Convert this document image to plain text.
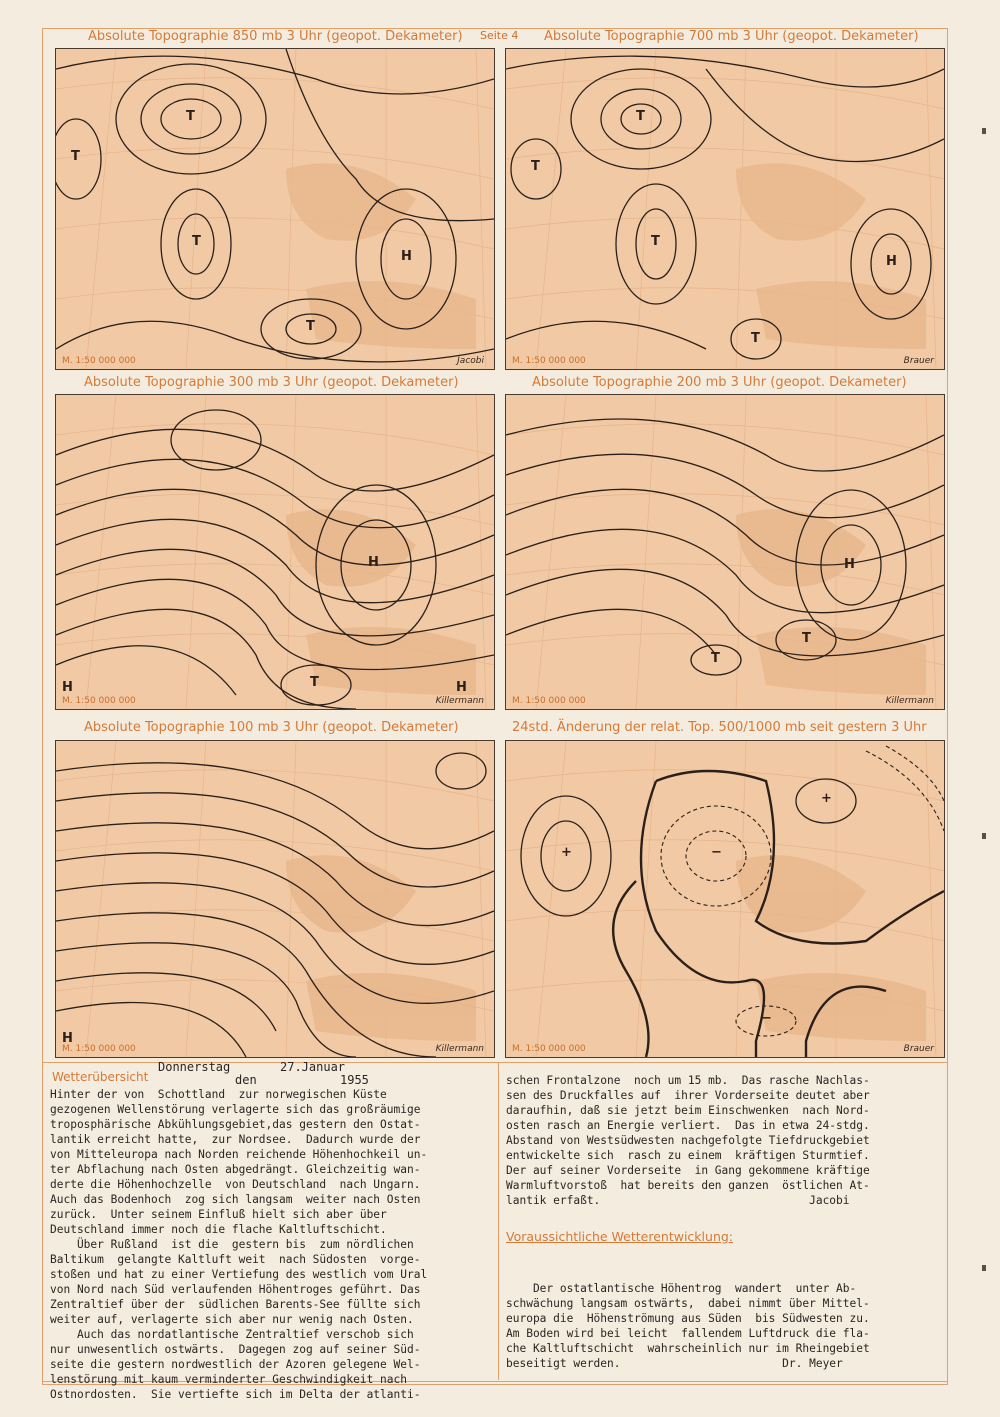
Seite 4
Absolute Topographie 850 mb 3 Uhr (geopot. Dekameter)	Absolute Topographie 700 mb 3 Uhr (geopot. Dekameter)
Absolute Topographie 300 mb 3 Uhr (geopot. Dekameter)	Absolute Topographie 200 mb 3 Uhr (geopot. Dekameter)
Absolute Topographie 100 mb 3 Uhr (geopot. Dekameter)	24std. Änderung der relat. Top. 500/1000 mb seit gestern 3 Uhr
T
T
T
T
H
M. 1:50 000 000	Jacobi
T
T
T
H
T
M. 1:50 000 000	Brauer
H
T
H	H
M. 1:50 000 000	Killermann
H
T
T
M. 1:50 000 000	Killermann
H
M. 1:50 000 000	Killermann
+	−
+
−
M. 1:50 000 000	Brauer
Wetterübersicht
Donnerstag
den
27.Januar
1955
Hinter der von  Schottland  zur norwegischen Küste
gezogenen Wellenstörung verlagerte sich das großräumige
troposphärische Abkühlungsgebiet,das gestern den Ostat-
lantik erreicht hatte,  zur Nordsee.  Dadurch wurde der
von Mitteleuropa nach Norden reichende Höhenhochkeil un-
ter Abflachung nach Osten abgedrängt. Gleichzeitig wan-
derte die Höhenhochzelle  von Deutschland  nach Ungarn.
Auch das Bodenhoch  zog sich langsam  weiter nach Osten
zurück.  Unter seinem Einfluß hielt sich aber über
Deutschland immer noch die flache Kaltluftschicht.
Über Rußland  ist die  gestern bis  zum nördlichen
Baltikum  gelangte Kaltluft weit  nach Südosten  vorge-
stoßen und hat zu einer Vertiefung des westlich vom Ural
von Nord nach Süd verlaufenden Höhentroges geführt. Das
Zentraltief über der  südlichen Barents-See füllte sich
weiter auf, verlagerte sich aber nur wenig nach Osten.
Auch das nordatlantische Zentraltief verschob sich
nur unwesentlich ostwärts.  Dagegen zog auf seiner Süd-
seite die gestern nordwestlich der Azoren gelegene Wel-
lenstörung mit kaum verminderter Geschwindigkeit nach
Ostnordosten.  Sie vertiefte sich im Delta der atlanti-
schen Frontalzone  noch um 15 mb.  Das rasche Nachlas-
sen des Druckfalles auf  ihrer Vorderseite deutet aber
daraufhin, daß sie jetzt beim Einschwenken  nach Nord-
osten rasch an Energie verliert.  Das in etwa 24-stdg.
Abstand von Westsüdwesten nachgefolgte Tiefdruckgebiet
entwickelte sich  rasch zu einem  kräftigen Sturmtief.
Der auf seiner Vorderseite  in Gang gekommene kräftige
Warmluftvorstoß  hat bereits den ganzen  östlichen At-
lantik erfaßt.                               Jacobi
Voraussichtliche Wetterentwicklung:
Der ostatlantische Höhentrog  wandert  unter Ab-
schwächung langsam ostwärts,  dabei nimmt über Mittel-
europa die  Höhenströmung aus Süden  bis Südwesten zu.
Am Boden wird bei leicht  fallendem Luftdruck die fla-
che Kaltluftschicht  wahrscheinlich nur im Rheingebiet
beseitigt werden.                        Dr. Meyer
